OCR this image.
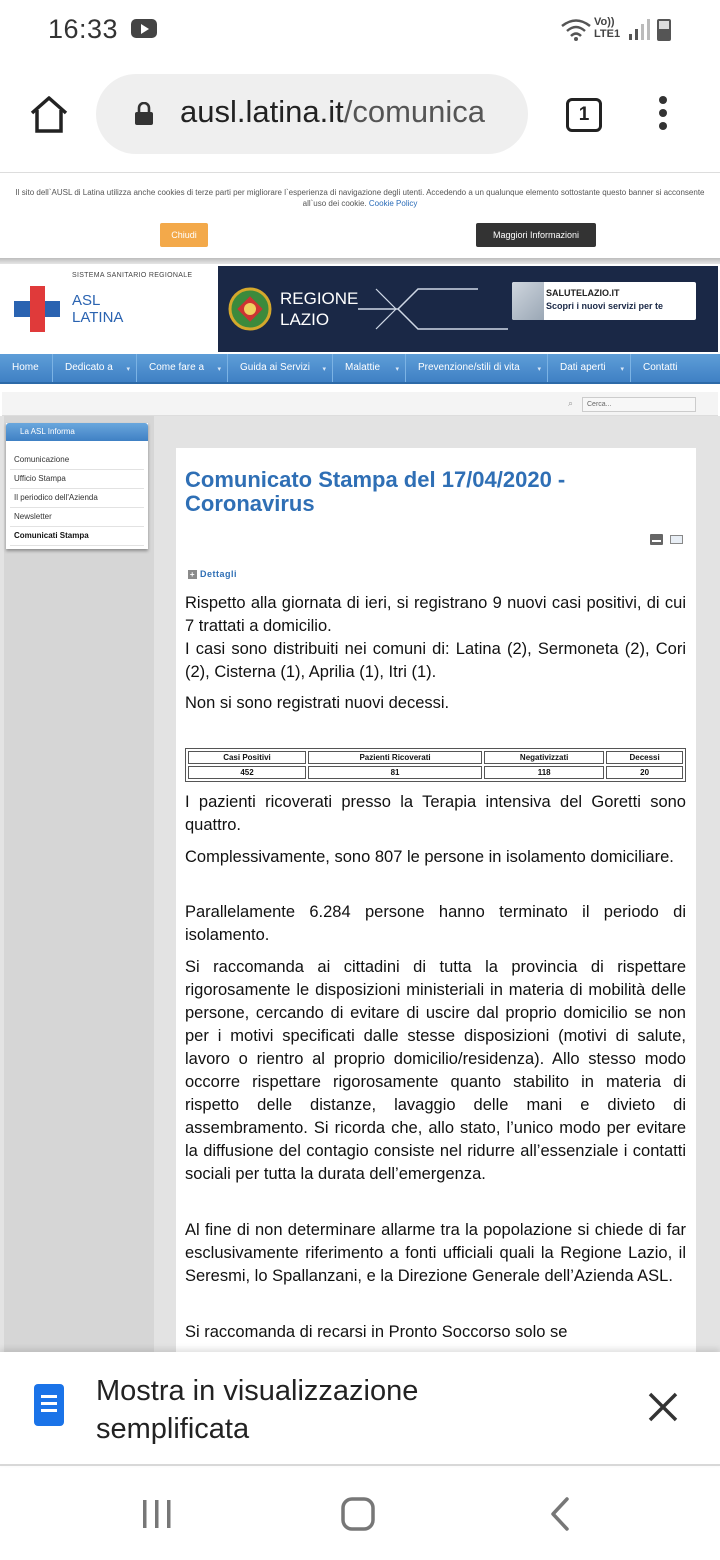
16:33	Vo))
LTE1
ausl.latina.it/comunica	1
Il sito dell`AUSL di Latina utilizza anche cookies di terze parti per migliorare l`esperienza di navigazione degli utenti. Accedendo a un qualunque elemento sottostante questo banner si acconsente all`uso dei cookie. Cookie Policy
Chiudi	Maggiori Informazioni
SISTEMA SANITARIO REGIONALE
ASL
LATINA
REGIONE
LAZIO
SALUTELAZIO.IT
Scopri i nuovi servizi per te
Home	Dedicato a ▾	Come fare a ▾	Guida ai Servizi ▾	Malattie ▾	Prevenzione/stili di vita	▾	Dati aperti ▾	Contatti
⌕	Cerca...
La ASL Informa
Comunicazione
Ufficio Stampa
Il periodico dell'Azienda
Newsletter
Comunicati Stampa
Comunicato Stampa del 17/04/2020 - Coronavirus
+ Dettagli
Rispetto alla giornata di ieri, si registrano 9 nuovi casi positivi, di cui 7 trattati a domicilio.
I casi sono distribuiti nei comuni di: Latina (2), Sermoneta (2), Cori (2), Cisterna (1), Aprilia (1), Itri (1).
Non si sono registrati nuovi decessi.
Casi Positivi	Pazienti Ricoverati	Negativizzati	Decessi
452	81	118	20
I pazienti ricoverati presso la Terapia intensiva del Goretti sono quattro.
Complessivamente, sono 807 le persone in isolamento domiciliare.
Parallelamente 6.284 persone hanno terminato il periodo di isolamento.
Si raccomanda ai cittadini di tutta la provincia di rispettare rigorosamente le disposizioni ministeriali in materia di mobilità delle persone, cercando di evitare di uscire dal proprio domicilio se non per i motivi specificati dalle stesse disposizioni (motivi di salute, lavoro o rientro al proprio domicilio/residenza). Allo stesso modo occorre rispettare rigorosamente quanto stabilito in materia di rispetto delle distanze, lavaggio delle mani e divieto di assembramento. Si ricorda che, allo stato, l’unico modo per evitare la diffusione del contagio consiste nel ridurre all’essenziale i contatti sociali per tutta la durata dell’emergenza.
Al fine di non determinare allarme tra la popolazione si chiede di far esclusivamente riferimento a fonti ufficiali quali la Regione Lazio, il Seresmi, lo Spallanzani, e la Direzione Generale dell’Azienda ASL.
Si raccomanda di recarsi in Pronto Soccorso solo se
Mostra in visualizzazione
semplificata
